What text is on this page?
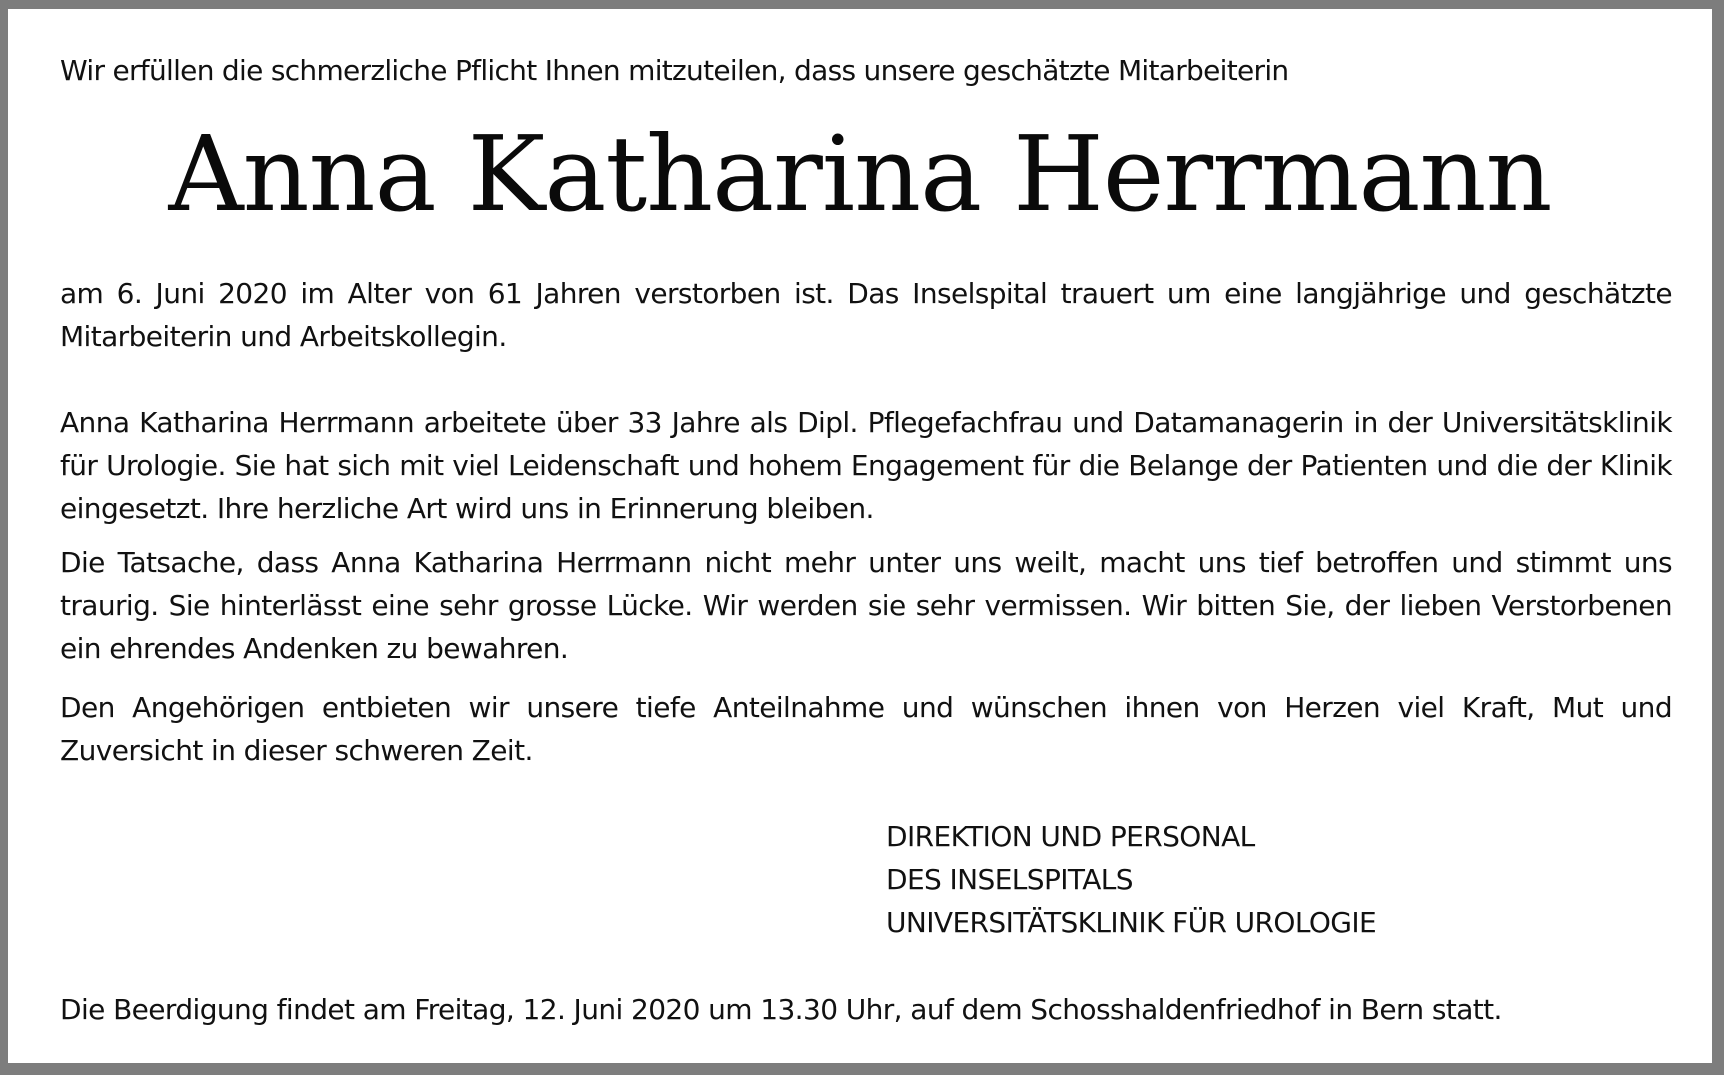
Wir erfüllen die schmerzliche Pflicht Ihnen mitzuteilen, dass unsere geschätzte Mitarbeiterin
Anna Katharina Herrmann
am 6. Juni 2020 im Alter von 61 Jahren verstorben ist. Das Inselspital trauert um eine langjährige und geschätzte Mitarbeiterin und Arbeitskollegin.
Anna Katharina Herrmann arbeitete über 33 Jahre als Dipl. Pflegefachfrau und Datamanagerin in der Universitätsklinik für Urologie. Sie hat sich mit viel Leidenschaft und hohem Engagement für die Belange der Patienten und die der Klinik eingesetzt. Ihre herzliche Art wird uns in Erinnerung bleiben.
Die Tatsache, dass Anna Katharina Herrmann nicht mehr unter uns weilt, macht uns tief betroffen und stimmt uns traurig. Sie hinterlässt eine sehr grosse Lücke. Wir werden sie sehr vermissen. Wir bitten Sie, der lieben Verstorbenen ein ehrendes Andenken zu bewahren.
Den Angehörigen entbieten wir unsere tiefe Anteilnahme und wünschen ihnen von Herzen viel Kraft, Mut und Zuversicht in dieser schweren Zeit.
DIREKTION UND PERSONAL
DES INSELSPITALS
UNIVERSITÄTSKLINIK FÜR UROLOGIE
Die Beerdigung findet am Freitag, 12. Juni 2020 um 13.30 Uhr, auf dem Schosshaldenfriedhof in Bern statt.
